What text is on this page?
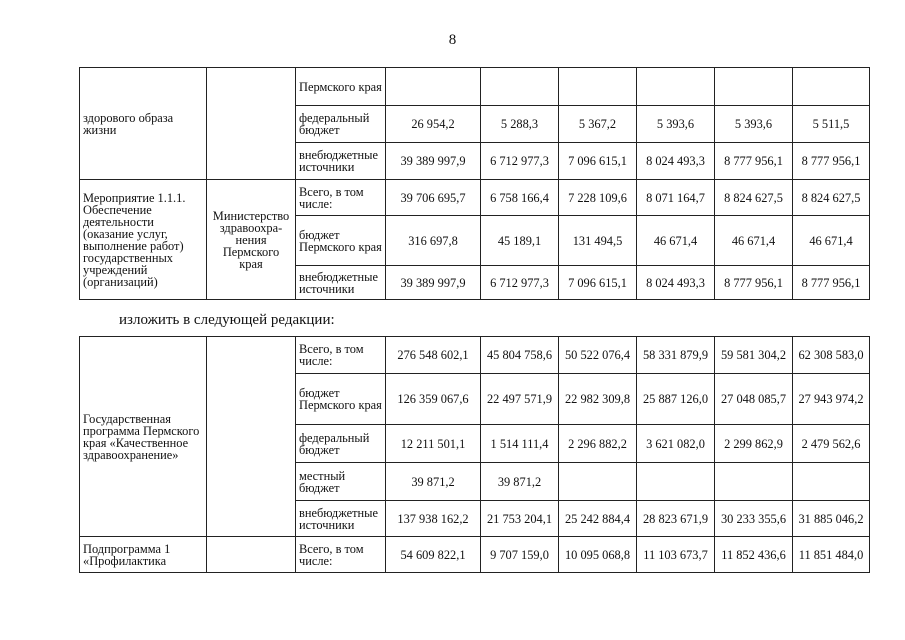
8
здорового образа жизни		Пермского края						
		федеральный бюджет	26 954,2	5 288,3	5 367,2	5 393,6	5 393,6	5 511,5
		внебюджетные источники	39 389 997,9	6 712 977,3	7 096 615,1	8 024 493,3	8 777 956,1	8 777 956,1
Мероприятие 1.1.1. Обеспечение деятельности (оказание услуг, выполнение работ) государственных учреждений (организаций)	Министерство здравоохра-нения Пермского края	Всего, в том числе:	39 706 695,7	6 758 166,4	7 228 109,6	8 071 164,7	8 824 627,5	8 824 627,5
		бюджет Пермского края	316 697,8	45 189,1	131 494,5	46 671,4	46 671,4	46 671,4
		внебюджетные источники	39 389 997,9	6 712 977,3	7 096 615,1	8 024 493,3	8 777 956,1	8 777 956,1
изложить в следующей редакции:
Государственная программа Пермского края «Качественное здравоохранение»		Всего, в том числе:	276 548 602,1	45 804 758,6	50 522 076,4	58 331 879,9	59 581 304,2	62 308 583,0
		бюджет Пермского края	126 359 067,6	22 497 571,9	22 982 309,8	25 887 126,0	27 048 085,7	27 943 974,2
		федеральный бюджет	12 211 501,1	1 514 111,4	2 296 882,2	3 621 082,0	2 299 862,9	2 479 562,6
		местный бюджет	39 871,2	39 871,2				
		внебюджетные источники	137 938 162,2	21 753 204,1	25 242 884,4	28 823 671,9	30 233 355,6	31 885 046,2
Подпрограмма 1 «Профилактика		Всего, в том числе:	54 609 822,1	9 707 159,0	10 095 068,8	11 103 673,7	11 852 436,6	11 851 484,0
